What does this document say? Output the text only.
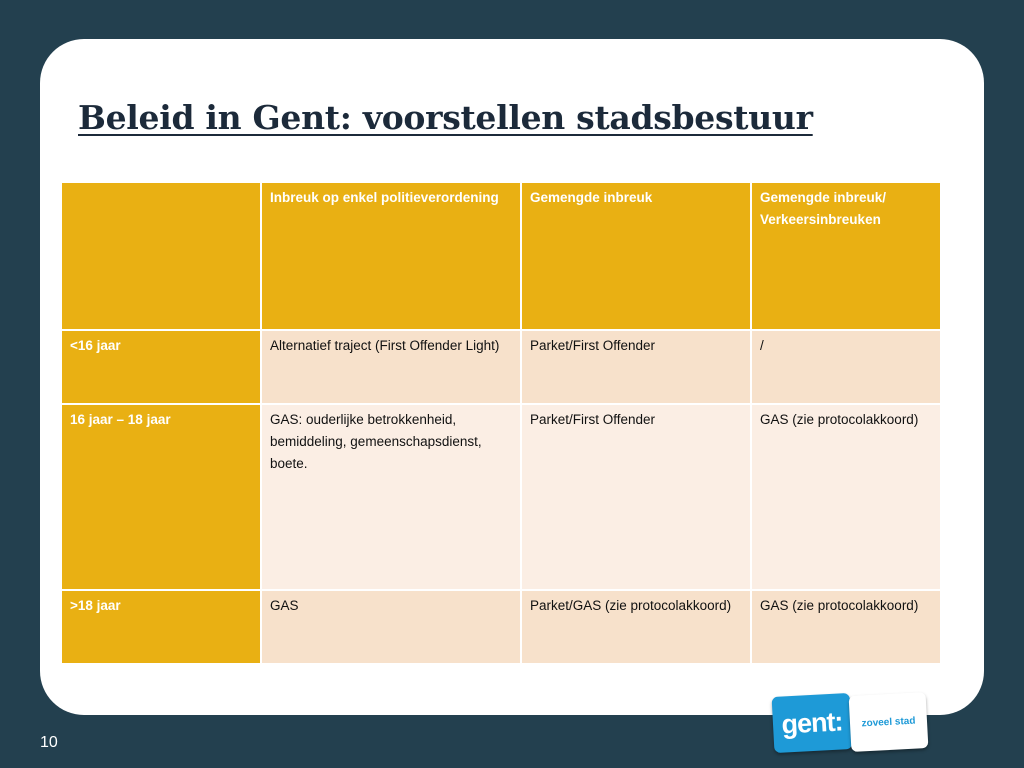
Beleid in Gent: voorstellen stadsbestuur
	Inbreuk op enkel politieverordening	Gemengde inbreuk	Gemengde inbreuk/ Verkeersinbreuken
<16 jaar	Alternatief traject (First Offender Light)	Parket/First Offender	/
16 jaar – 18 jaar	GAS: ouderlijke betrokkenheid, bemiddeling, gemeenschapsdienst, boete.	Parket/First Offender	GAS (zie protocolakkoord)
>18 jaar	GAS	Parket/GAS (zie protocolakkoord)	GAS (zie protocolakkoord)
10
gent:	zoveel stad
